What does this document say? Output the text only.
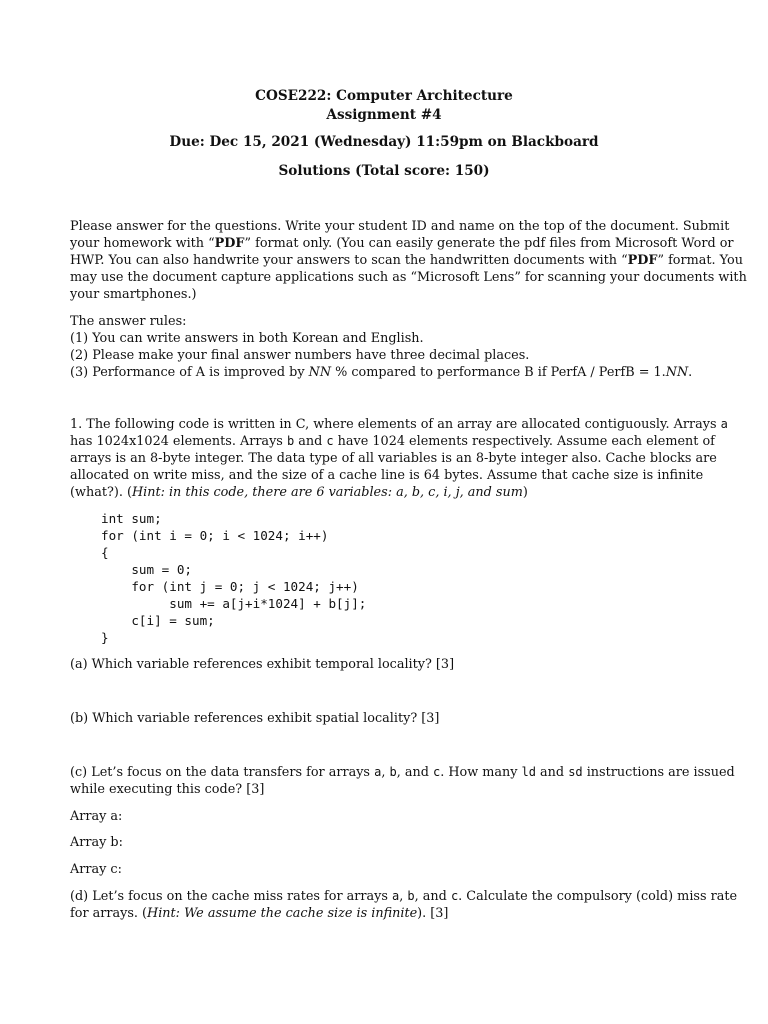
COSE222: Computer Architecture
Assignment #4
Due: Dec 15, 2021 (Wednesday) 11:59pm on Blackboard
Solutions (Total score: 150)
Please answer for the questions. Write your student ID and name on the top of the document. Submit
your homework with “PDF” format only. (You can easily generate the pdf files from Microsoft Word or
HWP. You can also handwrite your answers to scan the handwritten documents with “PDF” format. You
may use the document capture applications such as “Microsoft Lens” for scanning your documents with
your smartphones.)
The answer rules:
(1) You can write answers in both Korean and English.
(2) Please make your final answer numbers have three decimal places.
(3) Performance of A is improved by NN % compared to performance B if PerfA / PerfB = 1.NN.
1. The following code is written in C, where elements of an array are allocated contiguously. Arrays a
has 1024x1024 elements. Arrays b and c have 1024 elements respectively. Assume each element of
arrays is an 8-byte integer. The data type of all variables is an 8-byte integer also. Cache blocks are
allocated on write miss, and the size of a cache line is 64 bytes. Assume that cache size is infinite
(what?). (Hint: in this code, there are 6 variables: a, b, c, i, j, and sum)
int sum;
for (int i = 0; i < 1024; i++)
{
sum = 0;
for (int j = 0; j < 1024; j++)
sum += a[j+i*1024] + b[j];
c[i] = sum;
}
(a) Which variable references exhibit temporal locality? [3]
(b) Which variable references exhibit spatial locality? [3]
(c) Let’s focus on the data transfers for arrays a, b, and c. How many ld and sd instructions are issued
while executing this code? [3]
Array a:
Array b:
Array c:
(d) Let’s focus on the cache miss rates for arrays a, b, and c. Calculate the compulsory (cold) miss rate
for arrays. (Hint: We assume the cache size is infinite). [3]
